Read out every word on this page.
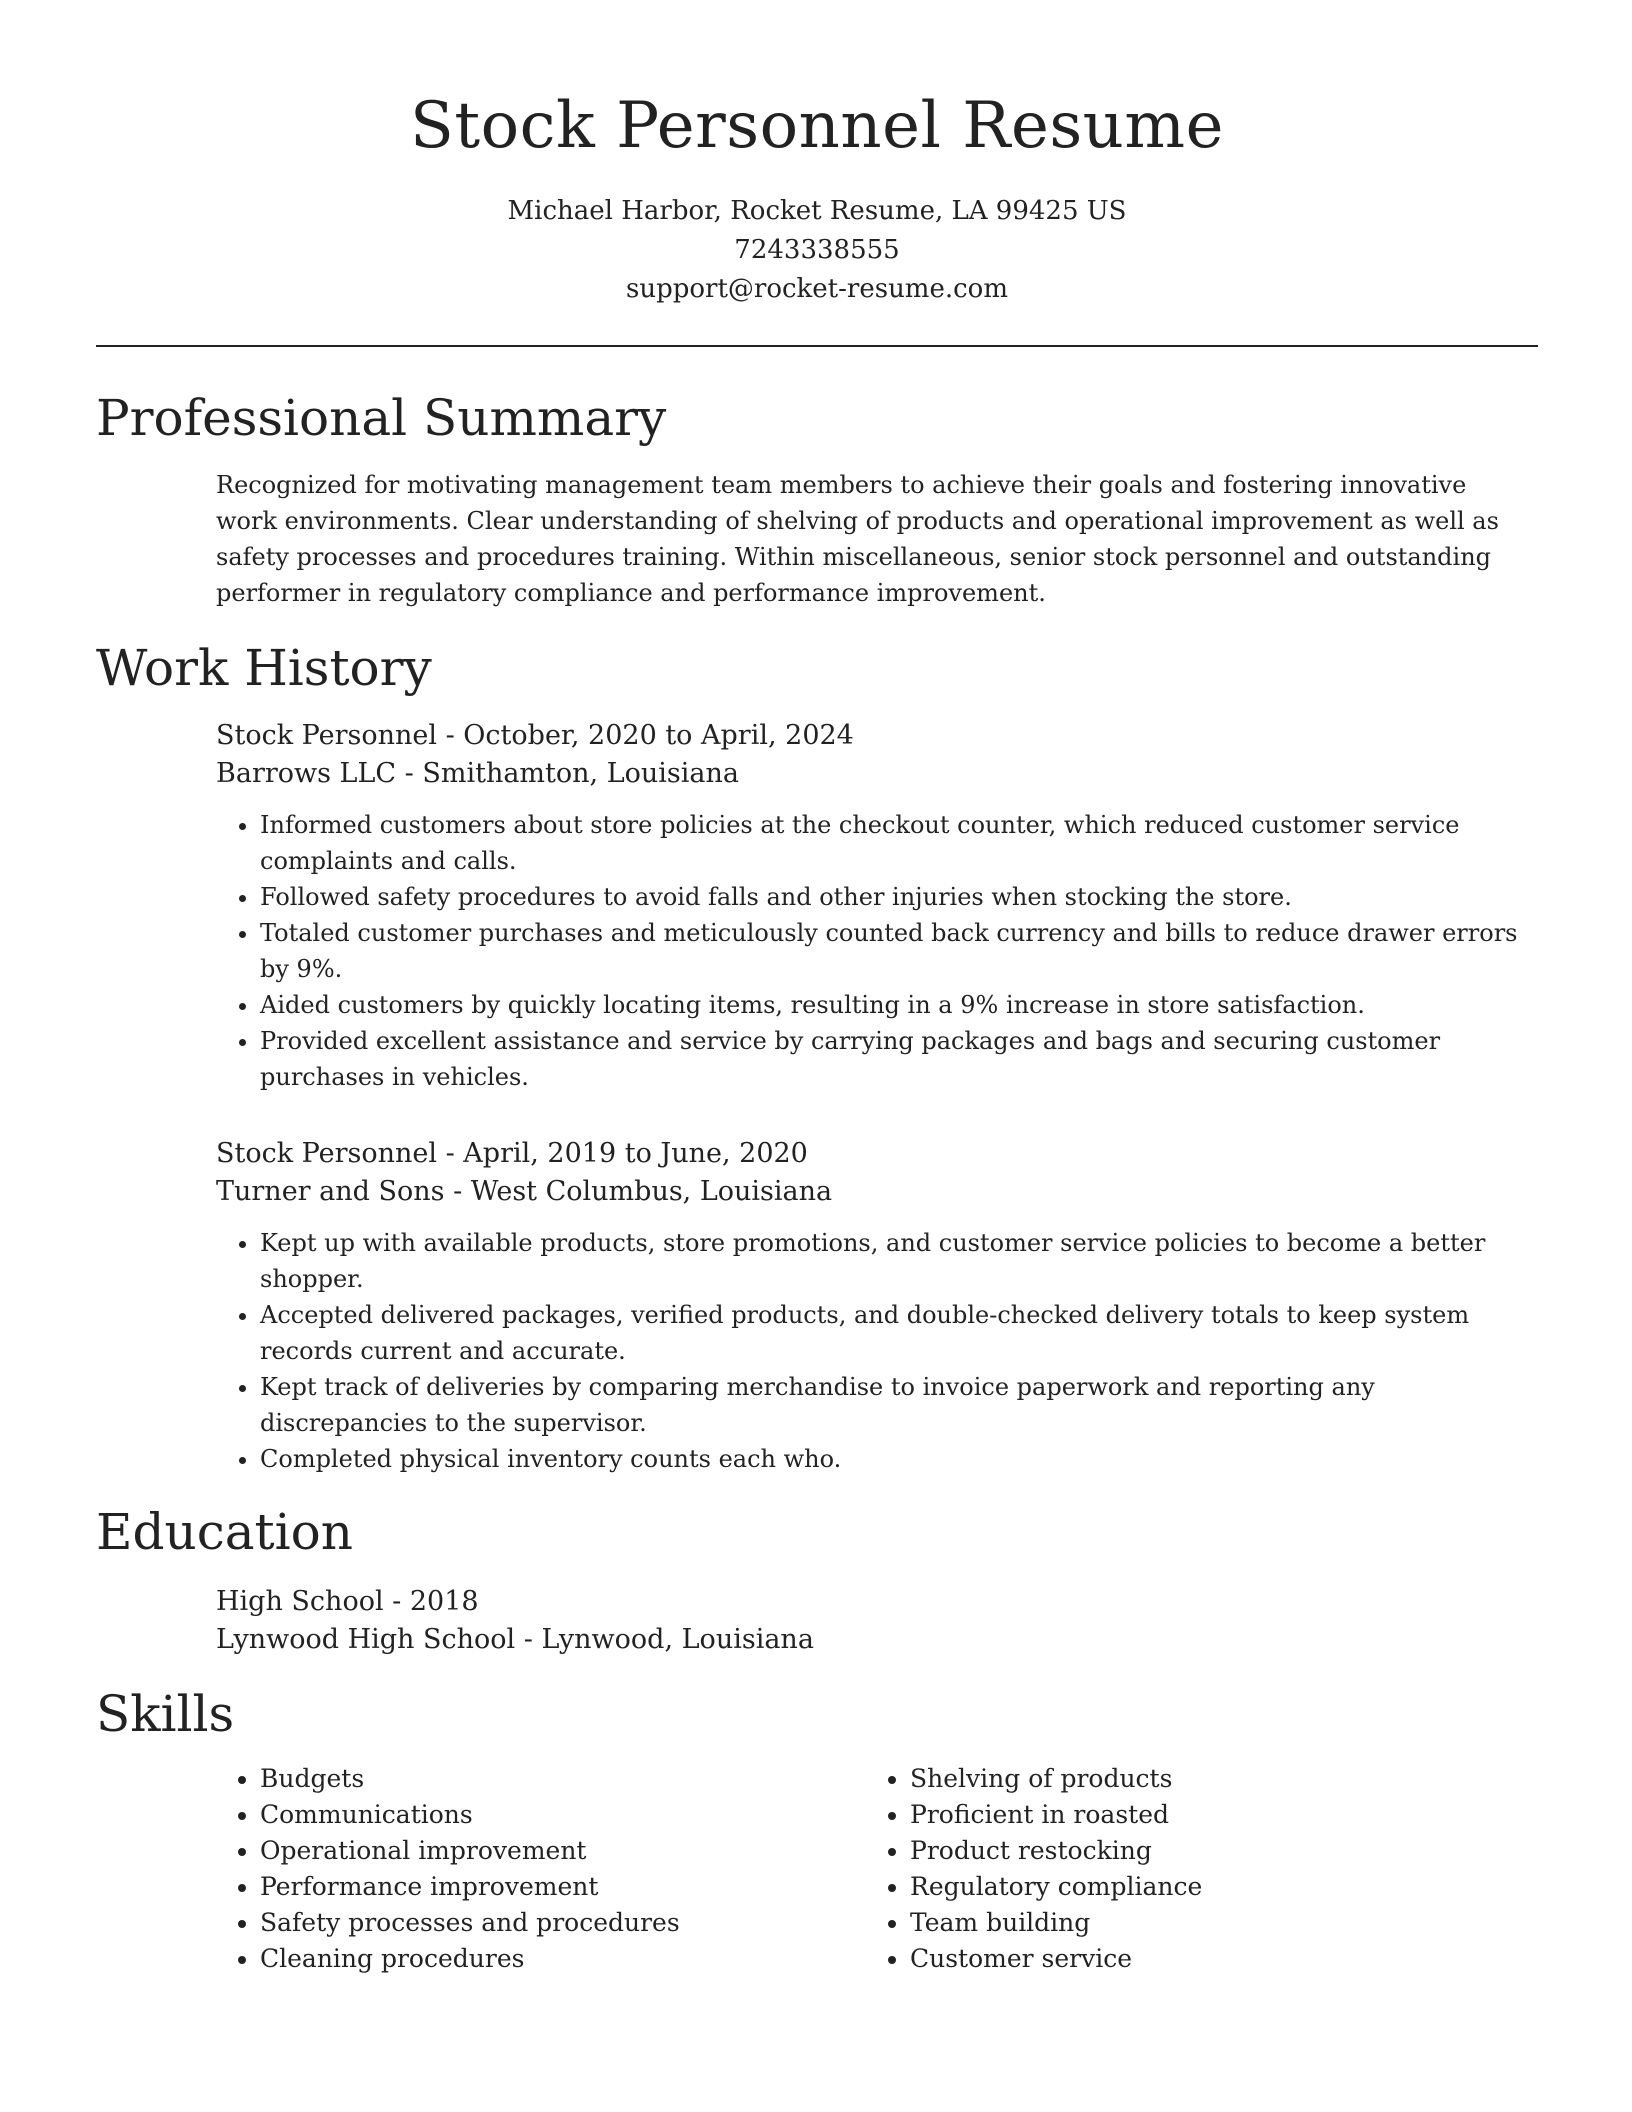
Stock Personnel Resume
Michael Harbor, Rocket Resume, LA 99425 US
7243338555
support@rocket-resume.com
Professional Summary

Recognized for motivating management team members to achieve their goals and fostering innovative work environments. Clear understanding of shelving of products and operational improvement as well as safety processes and procedures training. Within miscellaneous, senior stock personnel and outstanding performer in regulatory compliance and performance improvement.

Work History
Stock Personnel - October, 2020 to April, 2024
Barrows LLC - Smithamton, Louisiana
• Informed customers about store policies at the checkout counter, which reduced customer service complaints and calls.
• Followed safety procedures to avoid falls and other injuries when stocking the store.
• Totaled customer purchases and meticulously counted back currency and bills to reduce drawer errors by 9%.
• Aided customers by quickly locating items, resulting in a 9% increase in store satisfaction.
• Provided excellent assistance and service by carrying packages and bags and securing customer purchases in vehicles.
Stock Personnel - April, 2019 to June, 2020
Turner and Sons - West Columbus, Louisiana
• Kept up with available products, store promotions, and customer service policies to become a better shopper.
• Accepted delivered packages, verified products, and double-checked delivery totals to keep system records current and accurate.
• Kept track of deliveries by comparing merchandise to invoice paperwork and reporting any discrepancies to the supervisor.
• Completed physical inventory counts each who.
Education
High School - 2018
Lynwood High School - Lynwood, Louisiana
Skills
• Budgets
• Communications
• Operational improvement
• Performance improvement
• Safety processes and procedures
• Cleaning procedures
• Shelving of products
• Proficient in roasted
• Product restocking
• Regulatory compliance
• Team building
• Customer service
